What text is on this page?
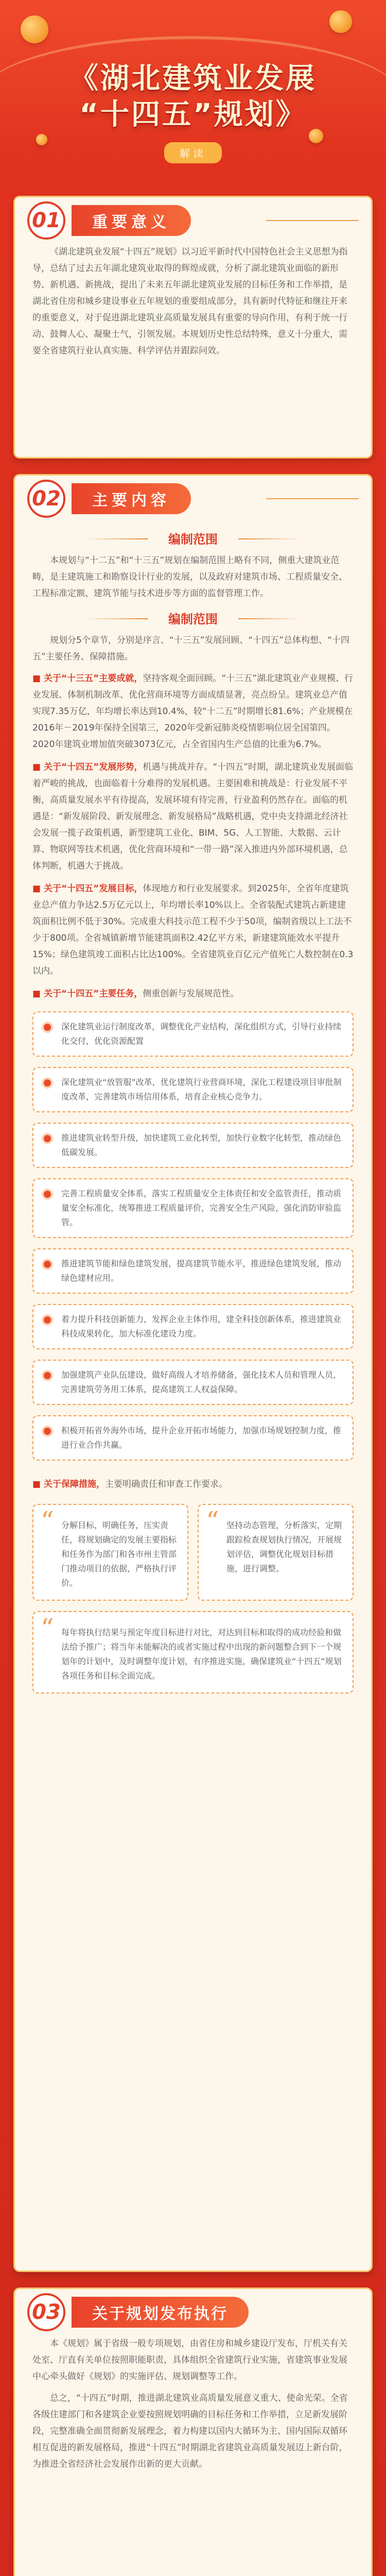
《湖北建筑业发展
“十四五”规划》
解读
01	重要意义

《湖北建筑业发展“十四五”规划》以习近平新时代中国特色社会主义思想为指导，总结了过去五年湖北建筑业取得的辉煌成就，分析了湖北建筑业面临的新形势、新机遇、新挑战，提出了未来五年湖北建筑业发展的目标任务和工作举措，是湖北省住房和城乡建设事业五年规划的重要组成部分，具有新时代特征和继往开来的重要意义，对于促进湖北建筑业高质量发展具有重要的导向作用，有利于统一行动、鼓舞人心、凝聚士气，引领发展。本规划历史性总结特殊，意义十分重大，需要全省建筑行业认真实施、科学评估并跟踪问效。

02	主要内容
编制范围

本规划与“十二五”和“十三五”规划在编制范围上略有不同，侧重大建筑业范畴，是主建筑施工和勘察设计行业的发展，以及政府对建筑市场、工程质量安全、工程标准定额、建筑节能与技术进步等方面的监督管理工作。

编制范围

规划分5个章节，分别是序言、“十三五”发展回顾、“十四五”总体构想、“十四五”主要任务、保障措施。

■ 关于“十三五”主要成就，坚持客观全面回顾。“十三五”湖北建筑业产业规模、行业发展、体制机制改革、优化营商环境等方面成绩显著，亮点纷呈。建筑业总产值实现7.35万亿，年均增长率达到10.4%，较“十二五”时期增长81.6%；产业规模在2016年－2019年保持全国第三，2020年受新冠肺炎疫情影响位居全国第四。2020年建筑业增加值突破3073亿元，占全省国内生产总值的比重为6.7%。
■ 关于“十四五”发展形势，机遇与挑战并存。“十四五”时期，湖北建筑业发展面临着严峻的挑战，也面临着十分难得的发展机遇。主要困难和挑战是：行业发展不平衡，高质量发展水平有待提高，发展环境有待完善，行业盈利仍然存在。面临的机遇是：“新发展阶段、新发展理念、新发展格局”战略机遇，党中央支持湖北经济社会发展一揽子政策机遇，新型建筑工业化、BIM、5G、人工智能、大数据、云计算、物联网等技术机遇，优化营商环境和“一带一路”深入推进内外部环境机遇，总体判断，机遇大于挑战。
■ 关于“十四五”发展目标，体现地方和行业发展要求。到2025年，全省年度建筑业总产值力争达2.5万亿元以上，年均增长率10%以上。全省装配式建筑占新建建筑面积比例不低于30%。完成重大科技示范工程不少于50项，编制省级以上工法不少于800项。全省城镇新增节能建筑面积2.42亿平方米，新建建筑能效水平提升15%；绿色建筑竣工面积占比达100%。全省建筑业百亿元产值死亡人数控制在0.3以内。
■ 关于“十四五”主要任务，侧重创新与发展规范性。
深化建筑业运行制度改革，调整优化产业结构，深化组织方式，引导行业持续化交付，优化资源配置
深化建筑业“放管服”改革，优化建筑行业营商环境，深化工程建设项目审批制度改革，完善建筑市场信用体系，培育企业核心竞争力。
推进建筑业转型升级，加快建筑工业化转型，加快行业数字化转型，推动绿色低碳发展。
完善工程质量安全体系，落实工程质量安全主体责任和安全监管责任，推动质量安全标准化，统筹推进工程质量评价，完善安全生产风险，强化消防审验监管。
推进建筑节能和绿色建筑发展，提高建筑节能水平，推进绿色建筑发展，推动绿色建材应用。
着力提升科技创新能力，发挥企业主体作用，建全科技创新体系，推进建筑业科技成果转化，加大标准化建设力度。
加强建筑产业队伍建设，做好高级人才培养储备，强化技术人员和管理人员，完善建筑劳务用工体系，提高建筑工人权益保障。
积极开拓省外海外市场，提升企业开拓市场能力，加强市场规划控制力度，推进行业合作共赢。
■ 关于保障措施，主要明确责任和审查工作要求。
“ 分解目标，明确任务，压实责任，将规划确定的发展主要指标和任务作为部门和各市州主管部门推动项目的依据，严格执行评价。
“ 坚持动态管理，分析落实，定期跟踪检查规划执行情况，开展规划评估，调整优化规划目标措施，进行调整。
“ 每年将执行结果与预定年度目标进行对比，对达到目标和取得的成功经验和做法给予推广；将当年未能解决的或者实施过程中出现的新问题整合到下一个规划年的计划中，及时调整年度计划，有序推进实施，确保建筑业“十四五”规划各项任务和目标全面完成。
03	关于规划发布执行

本《规划》属于省级一般专项规划，由省住房和城乡建设厅发布，厅机关有关处室、厅直有关单位按照职能职责，具体组织全省建筑行业实施，省建筑事业发展中心牵头做好《规划》的实施评估、规划调整等工作。

总之，“十四五”时期，推进湖北建筑业高质量发展意义重大、使命光荣。全省各级住建部门和各建筑企业要按照规划明确的目标任务和工作举措，立足新发展阶段，完整准确全面贯彻新发展理念，着力构建以国内大循环为主、国内国际双循环相互促进的新发展格局，推进“十四五”时期湖北省建筑业高质量发展迈上新台阶，为推进全省经济社会发展作出新的更大贡献。
